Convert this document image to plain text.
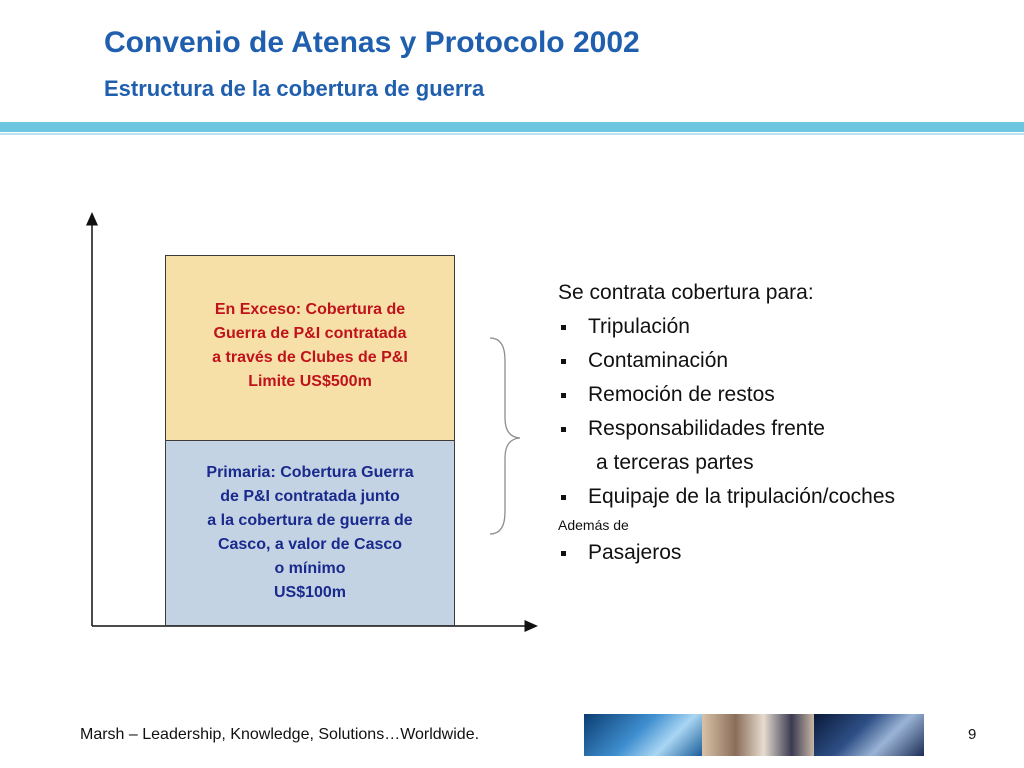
Convenio de Atenas y Protocolo 2002
Estructura de la cobertura de guerra
En Exceso: Cobertura de
Guerra de P&I contratada
a través de Clubes de P&I
Limite US$500m
Primaria: Cobertura Guerra
de P&I contratada junto
a la cobertura de guerra de
Casco, a valor de Casco
o mínimo
US$100m
Se contrata cobertura para:
Tripulación
Contaminación
Remoción de restos
Responsabilidades frente
a terceras partes
Equipaje de la tripulación/coches
Además de
Pasajeros
Marsh – Leadership, Knowledge, Solutions…Worldwide.	9
